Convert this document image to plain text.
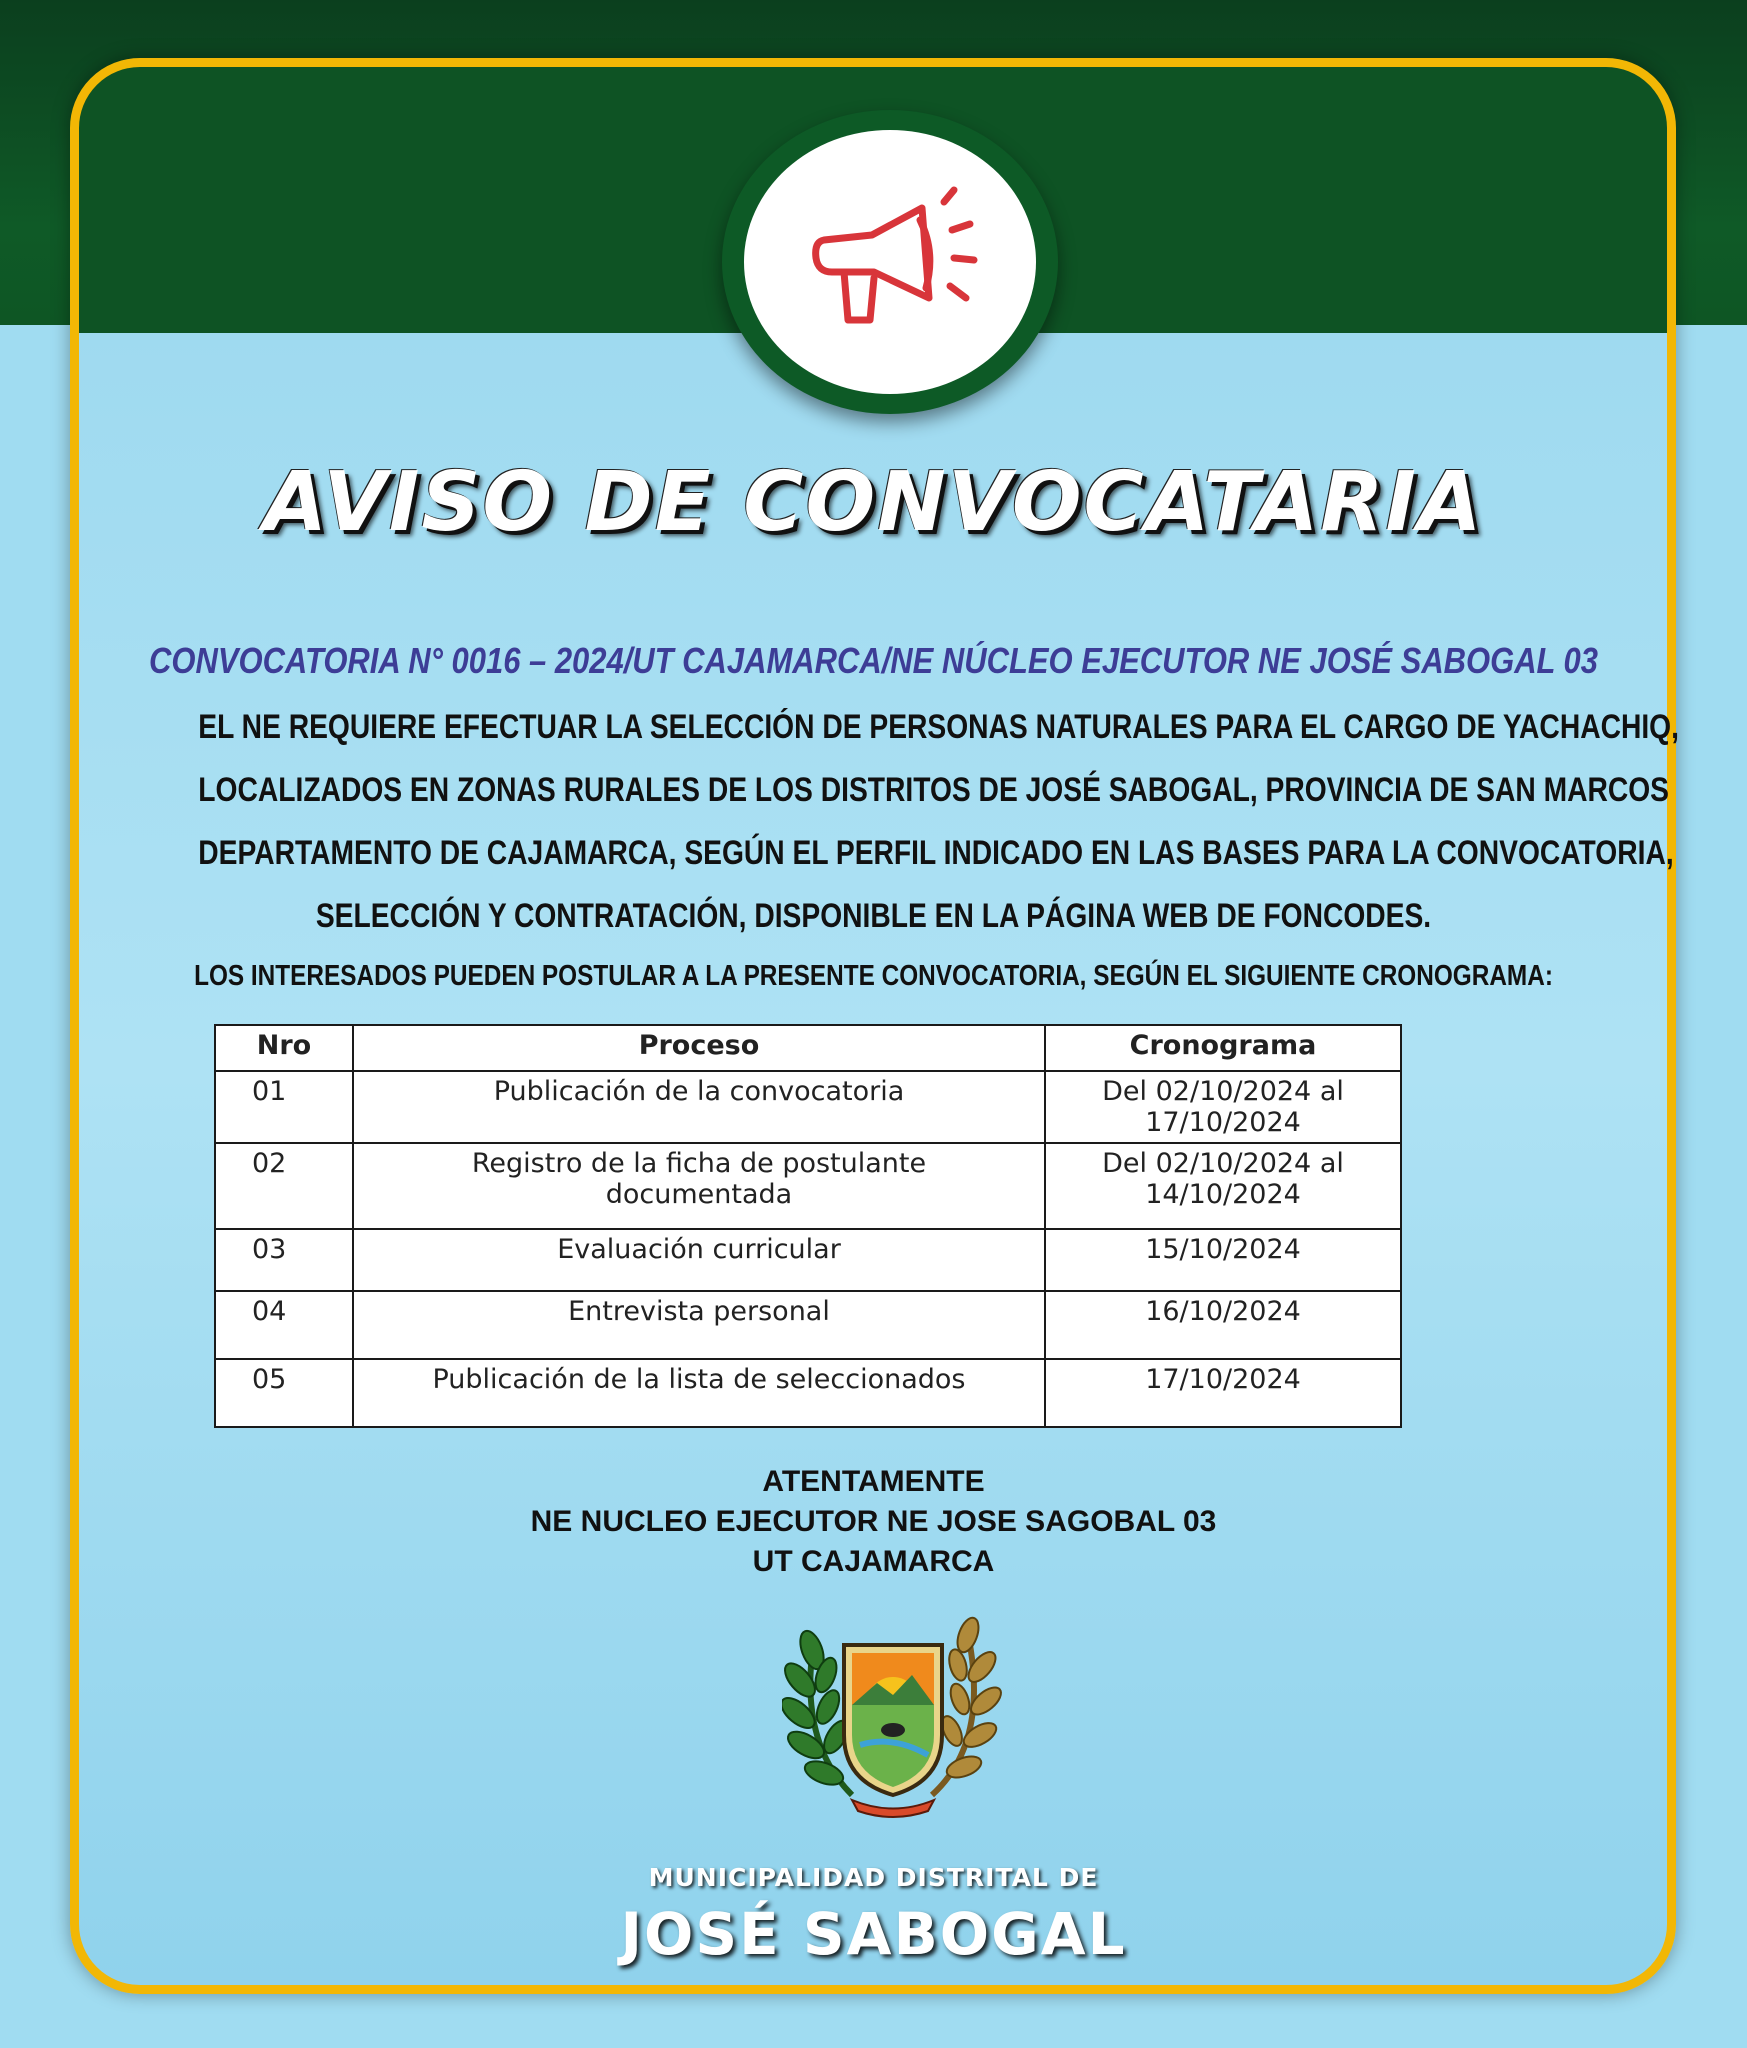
AVISO DE CONVOCATARIA
CONVOCATORIA N° 0016 – 2024/UT CAJAMARCA/NE NÚCLEO EJECUTOR NE JOSÉ SABOGAL 03
EL NE REQUIERE EFECTUAR LA SELECCIÓN DE PERSONAS NATURALES PARA EL CARGO DE YACHACHIQ,
LOCALIZADOS EN ZONAS RURALES DE LOS DISTRITOS DE JOSÉ SABOGAL, PROVINCIA DE SAN MARCOS
DEPARTAMENTO DE CAJAMARCA, SEGÚN EL PERFIL INDICADO EN LAS BASES PARA LA CONVOCATORIA,
SELECCIÓN Y CONTRATACIÓN, DISPONIBLE EN LA PÁGINA WEB DE FONCODES.
LOS INTERESADOS PUEDEN POSTULAR A LA PRESENTE CONVOCATORIA, SEGÚN EL SIGUIENTE CRONOGRAMA:
Nro	Proceso	Cronograma
01	Publicación de la convocatoria	Del 02/10/2024 al 17/10/2024
02	Registro de la ficha de postulante documentada	Del 02/10/2024 al 14/10/2024
03	Evaluación curricular	15/10/2024
04	Entrevista personal	16/10/2024
05	Publicación de la lista de seleccionados	17/10/2024
ATENTAMENTE
NE NUCLEO EJECUTOR NE JOSE SAGOBAL 03
UT CAJAMARCA
MUNICIPALIDAD DISTRITAL DE
JOSÉ SABOGAL
